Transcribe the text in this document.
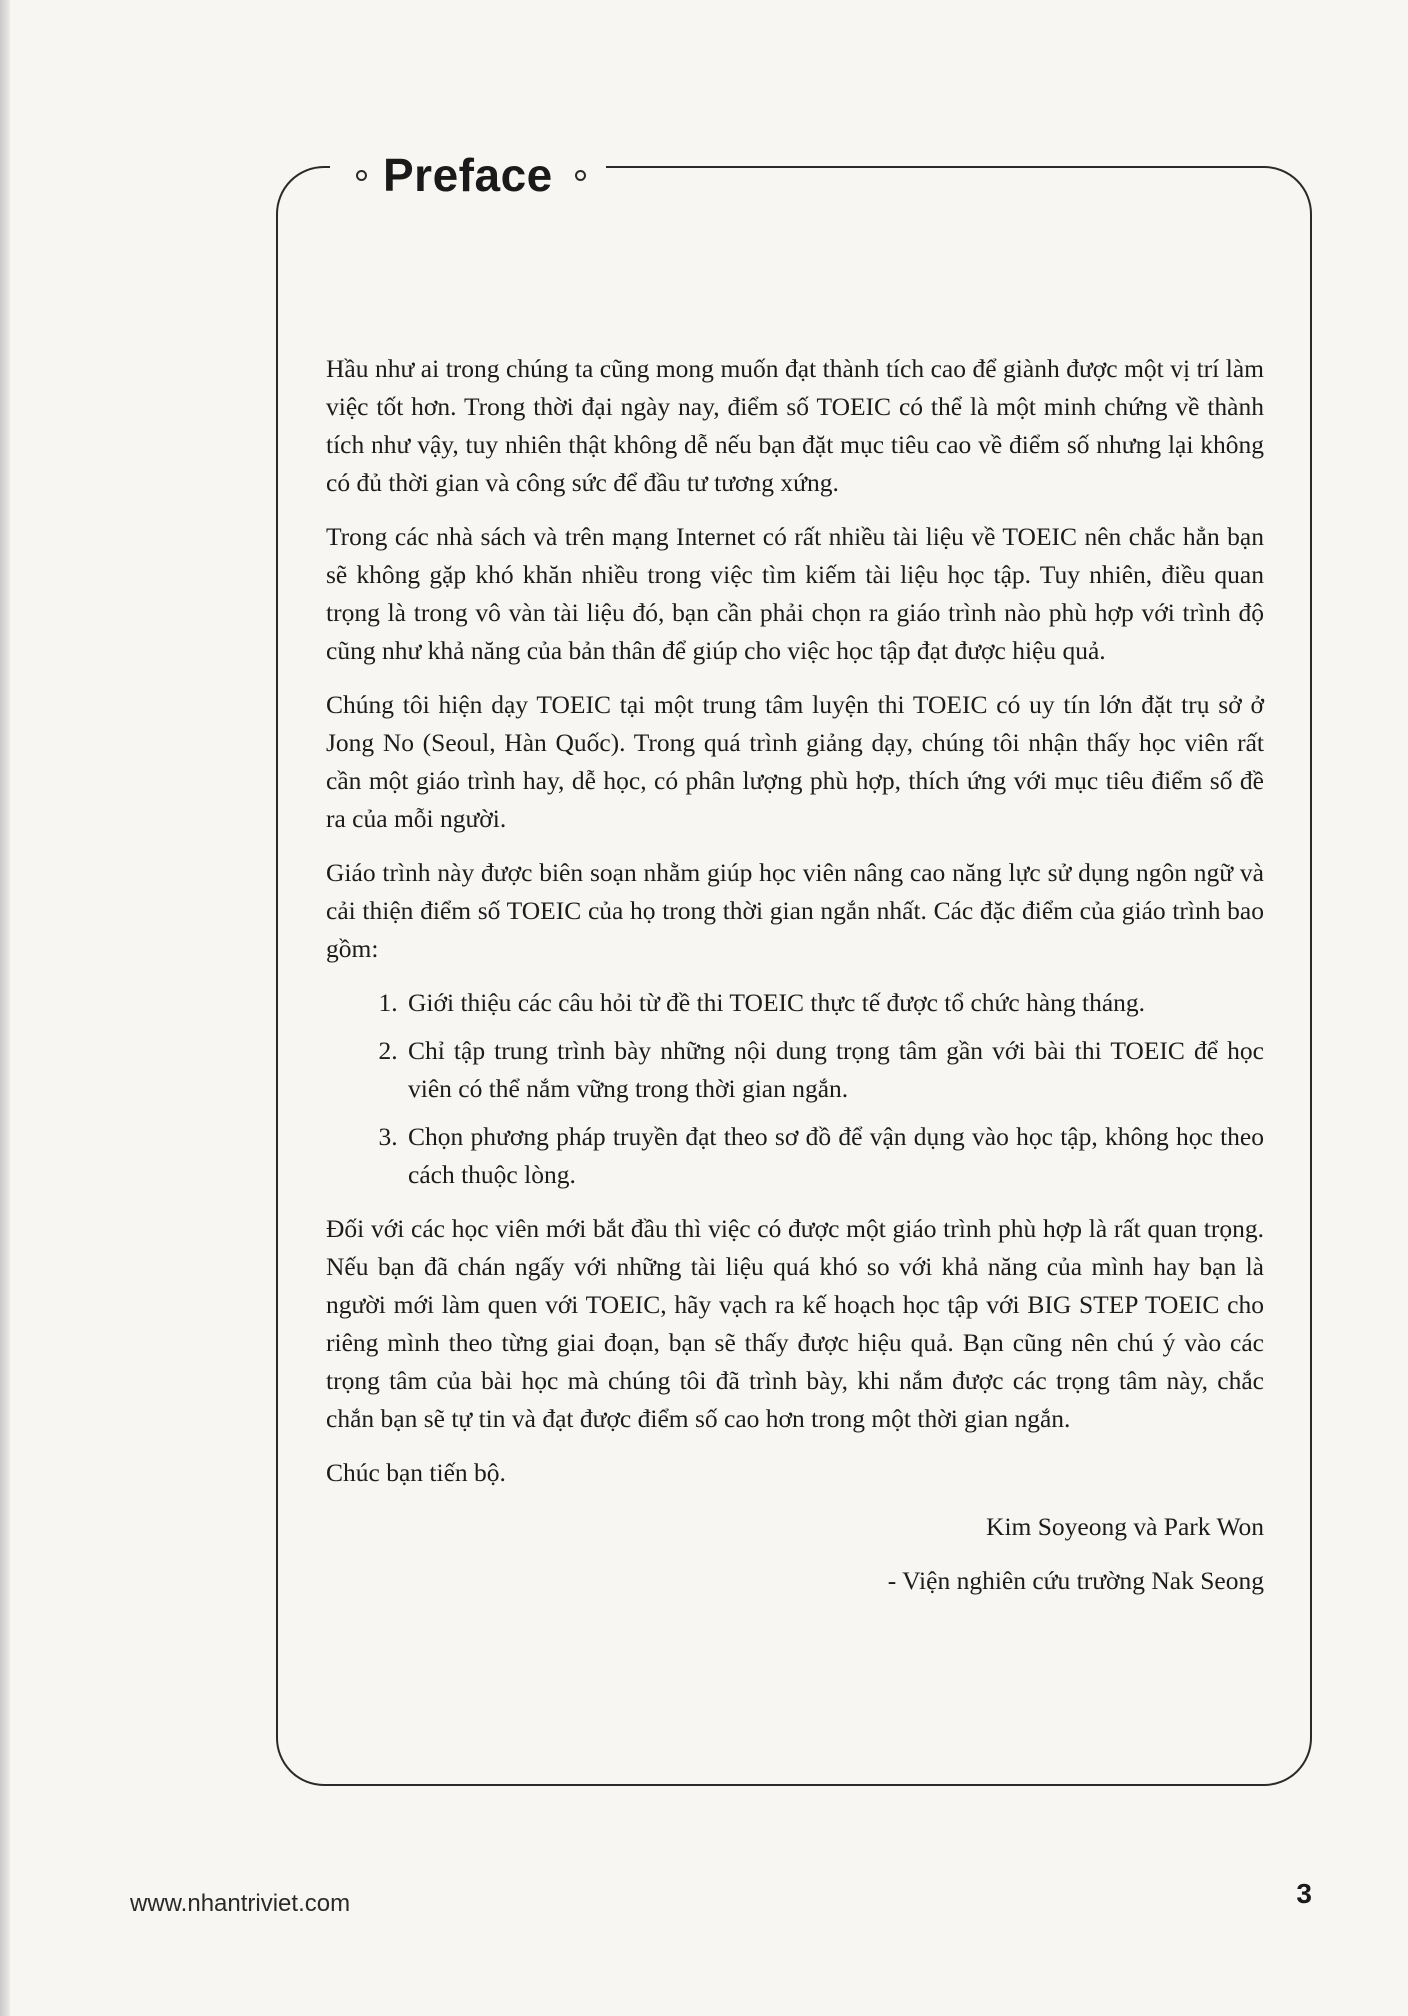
Preface

Hầu như ai trong chúng ta cũng mong muốn đạt thành tích cao để giành được một vị trí làm việc tốt hơn. Trong thời đại ngày nay, điểm số TOEIC có thể là một minh chứng về thành tích như vậy, tuy nhiên thật không dễ nếu bạn đặt mục tiêu cao về điểm số nhưng lại không có đủ thời gian và công sức để đầu tư tương xứng.

Trong các nhà sách và trên mạng Internet có rất nhiều tài liệu về TOEIC nên chắc hẳn bạn sẽ không gặp khó khăn nhiều trong việc tìm kiếm tài liệu học tập. Tuy nhiên, điều quan trọng là trong vô vàn tài liệu đó, bạn cần phải chọn ra giáo trình nào phù hợp với trình độ cũng như khả năng của bản thân để giúp cho việc học tập đạt được hiệu quả.

Chúng tôi hiện dạy TOEIC tại một trung tâm luyện thi TOEIC có uy tín lớn đặt trụ sở ở Jong No (Seoul, Hàn Quốc). Trong quá trình giảng dạy, chúng tôi nhận thấy học viên rất cần một giáo trình hay, dễ học, có phân lượng phù hợp, thích ứng với mục tiêu điểm số đề ra của mỗi người.

Giáo trình này được biên soạn nhằm giúp học viên nâng cao năng lực sử dụng ngôn ngữ và cải thiện điểm số TOEIC của họ trong thời gian ngắn nhất. Các đặc điểm của giáo trình bao gồm:

1. Giới thiệu các câu hỏi từ đề thi TOEIC thực tế được tổ chức hàng tháng.
2. Chỉ tập trung trình bày những nội dung trọng tâm gần với bài thi TOEIC để học viên có thể nắm vững trong thời gian ngắn.
3. Chọn phương pháp truyền đạt theo sơ đồ để vận dụng vào học tập, không học theo cách thuộc lòng.

Đối với các học viên mới bắt đầu thì việc có được một giáo trình phù hợp là rất quan trọng. Nếu bạn đã chán ngấy với những tài liệu quá khó so với khả năng của mình hay bạn là người mới làm quen với TOEIC, hãy vạch ra kế hoạch học tập với BIG STEP TOEIC cho riêng mình theo từng giai đoạn, bạn sẽ thấy được hiệu quả. Bạn cũng nên chú ý vào các trọng tâm của bài học mà chúng tôi đã trình bày, khi nắm được các trọng tâm này, chắc chắn bạn sẽ tự tin và đạt được điểm số cao hơn trong một thời gian ngắn.

Chúc bạn tiến bộ.

Kim Soyeong và Park Won

- Viện nghiên cứu trường Nak Seong

www.nhantriviet.com	3
